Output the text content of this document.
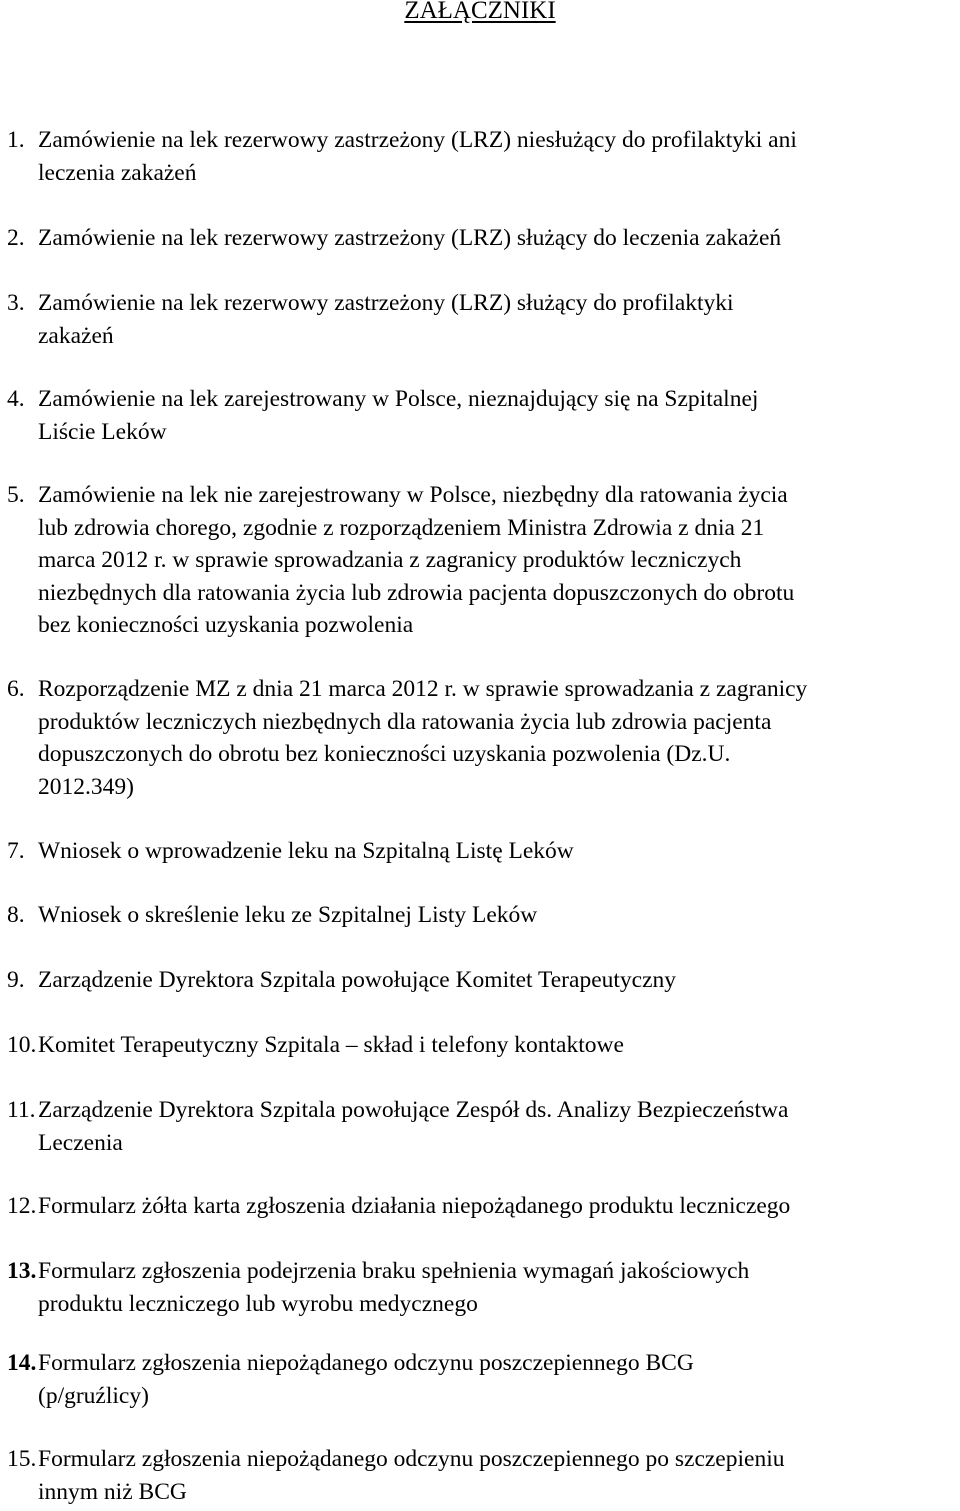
ZAŁĄCZNIKI
1. Zamówienie na lek rezerwowy zastrzeżony (LRZ) niesłużący do profilaktyki ani
leczenia zakażeń
2. Zamówienie na lek rezerwowy zastrzeżony (LRZ) służący do leczenia zakażeń
3. Zamówienie na lek rezerwowy zastrzeżony (LRZ) służący do profilaktyki
zakażeń
4. Zamówienie na lek zarejestrowany w Polsce, nieznajdujący się na Szpitalnej
Liście Leków
5. Zamówienie na lek nie zarejestrowany w Polsce, niezbędny dla ratowania życia
lub zdrowia chorego, zgodnie z rozporządzeniem Ministra Zdrowia z dnia 21
marca 2012 r. w sprawie sprowadzania z zagranicy produktów leczniczych
niezbędnych dla ratowania życia lub zdrowia pacjenta dopuszczonych do obrotu
bez konieczności uzyskania pozwolenia
6. Rozporządzenie MZ z dnia 21 marca 2012 r. w sprawie sprowadzania z zagranicy
produktów leczniczych niezbędnych dla ratowania życia lub zdrowia pacjenta
dopuszczonych do obrotu bez konieczności uzyskania pozwolenia (Dz.U.
2012.349)
7. Wniosek o wprowadzenie leku na Szpitalną Listę Leków
8. Wniosek o skreślenie leku ze Szpitalnej Listy Leków
9. Zarządzenie Dyrektora Szpitala powołujące Komitet Terapeutyczny
10. Komitet Terapeutyczny Szpitala – skład i telefony kontaktowe
11. Zarządzenie Dyrektora Szpitala powołujące Zespół ds. Analizy Bezpieczeństwa
Leczenia
12. Formularz żółta karta zgłoszenia działania niepożądanego produktu leczniczego
13. Formularz zgłoszenia podejrzenia braku spełnienia wymagań jakościowych
produktu leczniczego lub wyrobu medycznego
14. Formularz zgłoszenia niepożądanego odczynu poszczepiennego BCG
(p/gruźlicy)
15. Formularz zgłoszenia niepożądanego odczynu poszczepiennego po szczepieniu
innym niż BCG
